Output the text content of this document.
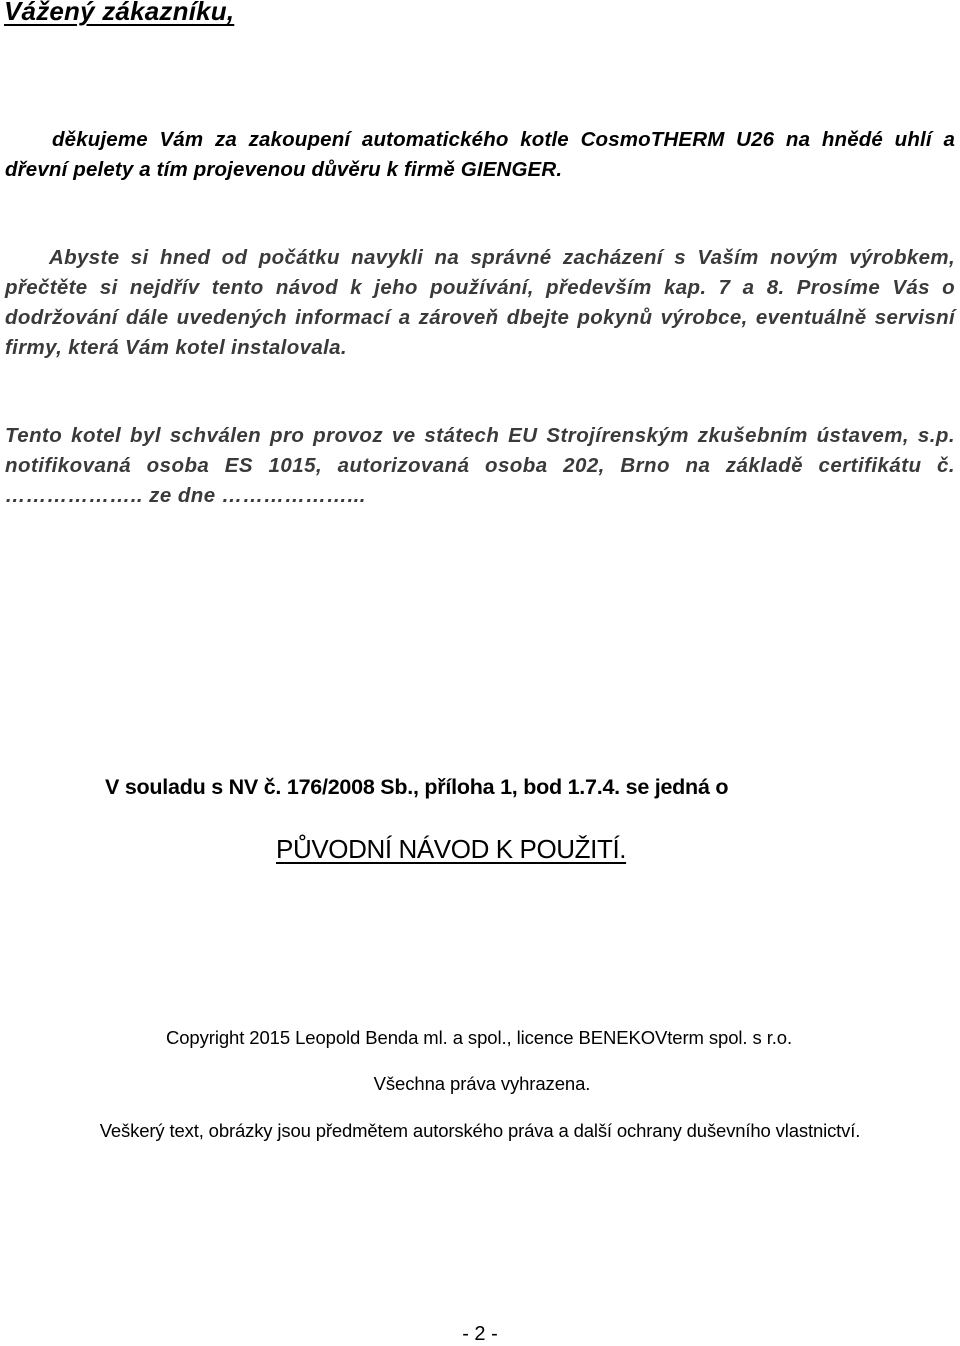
Vážený zákazníku,

děkujeme Vám za zakoupení automatického kotle CosmoTHERM U26 na hnědé uhlí a dřevní pelety a tím projevenou důvěru k firmě GIENGER.

Abyste si hned od počátku navykli na správné zacházení s Vaším novým výrobkem, přečtěte si nejdřív tento návod k jeho používání, především kap. 7 a 8. Prosíme Vás o dodržování dále uvedených informací a zároveň dbejte pokynů výrobce, eventuálně servisní firmy, která Vám kotel instalovala.

Tento kotel byl schválen pro provoz ve státech EU Strojírenským zkušebním ústavem, s.p. notifikovaná osoba ES 1015, autorizovaná osoba 202, Brno na základě certifikátu č. ……………….. ze dne ………………...

V souladu s NV č. 176/2008 Sb., příloha 1, bod 1.7.4. se jedná o

PŮVODNÍ NÁVOD K POUŽITÍ.

Copyright 2015 Leopold Benda ml. a spol., licence BENEKOVterm spol. s r.o.

Všechna práva vyhrazena.

Veškerý text, obrázky jsou předmětem autorského práva a další ochrany duševního vlastnictví.

- 2 -
